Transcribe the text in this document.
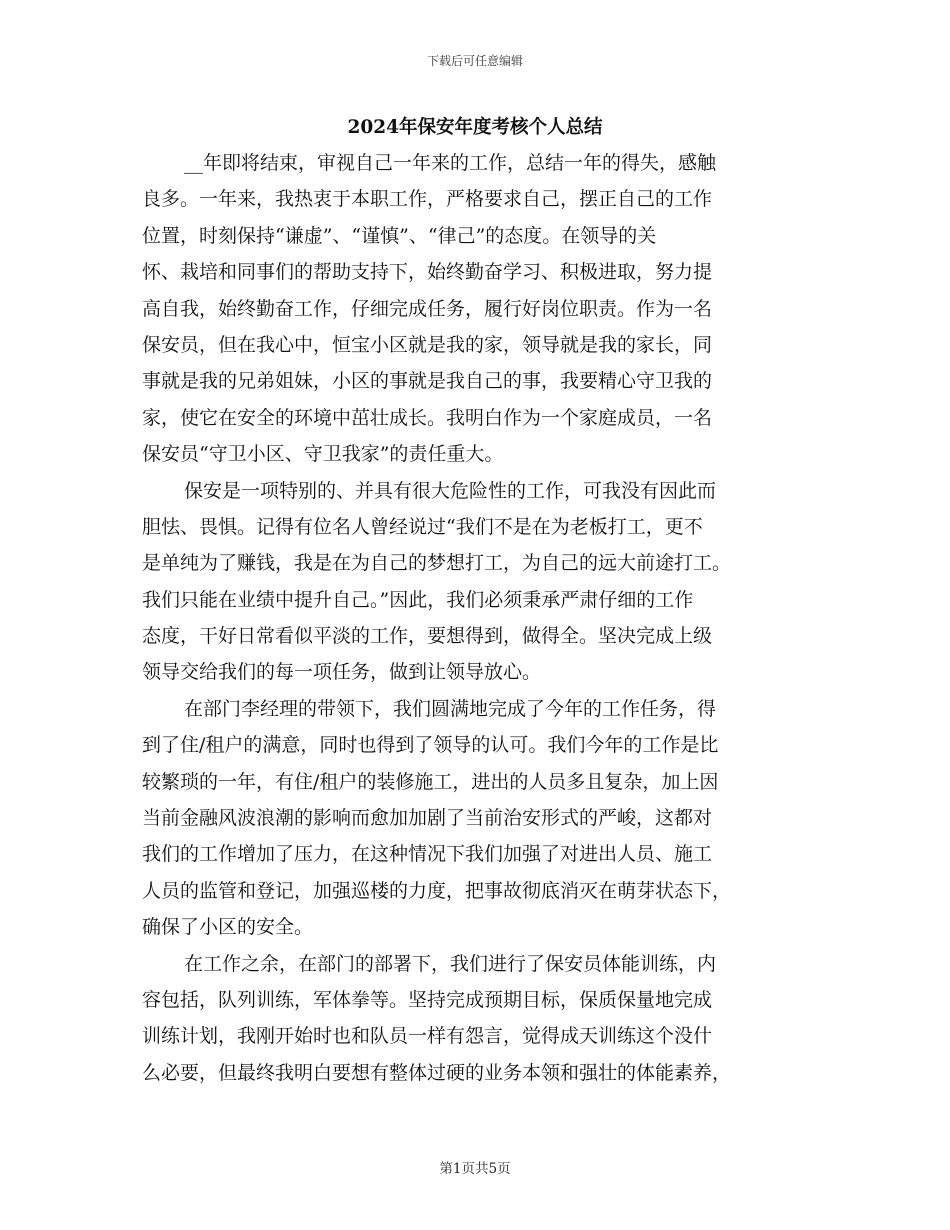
下载后可任意编辑
2024年保安年度考核个人总结
__年即将结束，审视自己一年来的工作，总结一年的得失，感触
良多。一年来，我热衷于本职工作，严格要求自己，摆正自己的工作
位置，时刻保持“谦虚”、“谨慎”、“律己”的态度。在领导的关
怀、栽培和同事们的帮助支持下，始终勤奋学习、积极进取，努力提
高自我，始终勤奋工作，仔细完成任务，履行好岗位职责。作为一名
保安员，但在我心中，恒宝小区就是我的家，领导就是我的家长，同
事就是我的兄弟姐妹，小区的事就是我自己的事，我要精心守卫我的
家，使它在安全的环境中茁壮成长。我明白作为一个家庭成员，一名
保安员“守卫小区、守卫我家”的责任重大。
保安是一项特别的、并具有很大危险性的工作，可我没有因此而
胆怯、畏惧。记得有位名人曾经说过“我们不是在为老板打工，更不
是单纯为了赚钱，我是在为自己的梦想打工，为自己的远大前途打工。
我们只能在业绩中提升自己。”因此，我们必须秉承严肃仔细的工作
态度，干好日常看似平淡的工作，要想得到，做得全。坚决完成上级
领导交给我们的每一项任务，做到让领导放心。
在部门李经理的带领下，我们圆满地完成了今年的工作任务，得
到了住/租户的满意，同时也得到了领导的认可。我们今年的工作是比
较繁琐的一年，有住/租户的装修施工，进出的人员多且复杂，加上因
当前金融风波浪潮的影响而愈加加剧了当前治安形式的严峻，这都对
我们的工作增加了压力，在这种情况下我们加强了对进出人员、施工
人员的监管和登记，加强巡楼的力度，把事故彻底消灭在萌芽状态下，
确保了小区的安全。
在工作之余，在部门的部署下，我们进行了保安员体能训练，内
容包括，队列训练，军体拳等。坚持完成预期目标，保质保量地完成
训练计划，我刚开始时也和队员一样有怨言，觉得成天训练这个没什
么必要，但最终我明白要想有整体过硬的业务本领和强壮的体能素养，
第1页共5页
